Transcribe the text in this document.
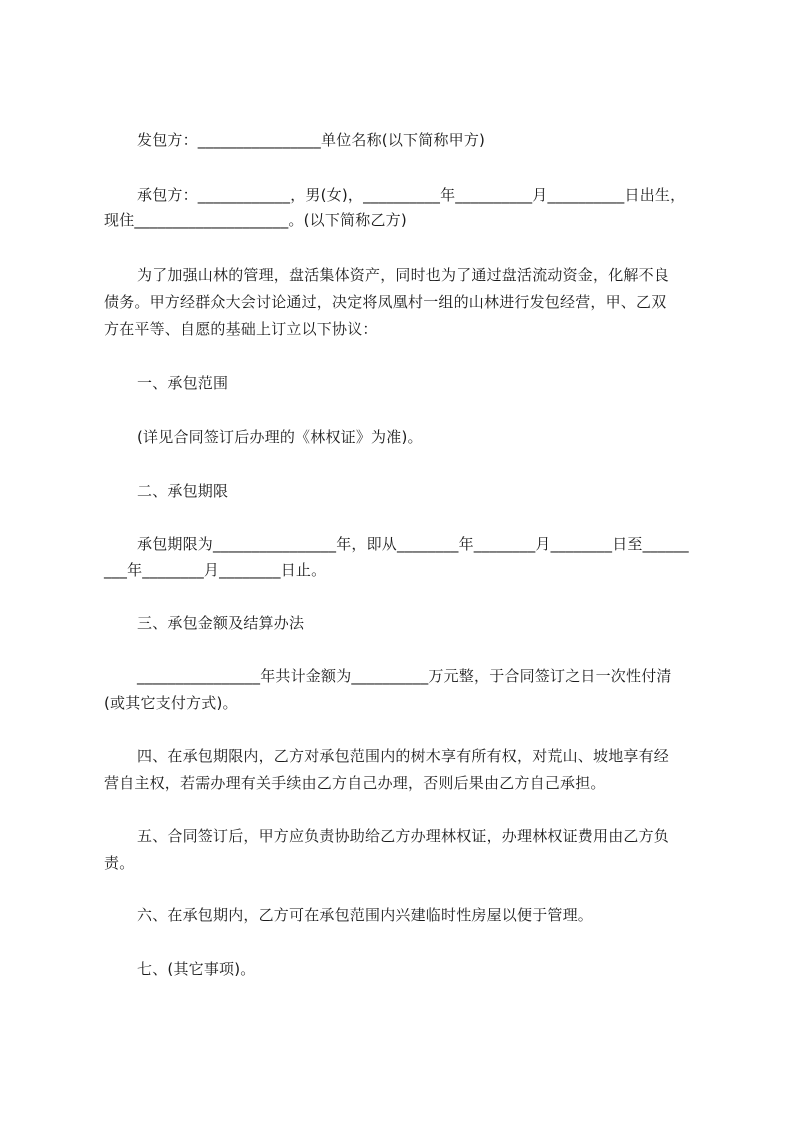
发包方：________________单位名称(以下简称甲方)
承包方：____________，男(女)，__________年__________月__________日出生，
现住____________________。(以下简称乙方)
为了加强山林的管理，盘活集体资产，同时也为了通过盘活流动资金，化解不良
债务。甲方经群众大会讨论通过，决定将凤凰村一组的山林进行发包经营，甲、乙双
方在平等、自愿的基础上订立以下协议：
一、承包范围
(详见合同签订后办理的《林权证》为准)。
二、承包期限
承包期限为________________年，即从________年________月________日至______
___年________月________日止。
三、承包金额及结算办法
________________年共计金额为__________万元整，于合同签订之日一次性付清
(或其它支付方式)。
四、在承包期限内，乙方对承包范围内的树木享有所有权，对荒山、坡地享有经
营自主权，若需办理有关手续由乙方自己办理，否则后果由乙方自己承担。
五、合同签订后，甲方应负责协助给乙方办理林权证，办理林权证费用由乙方负
责。
六、在承包期内，乙方可在承包范围内兴建临时性房屋以便于管理。
七、(其它事项)。
